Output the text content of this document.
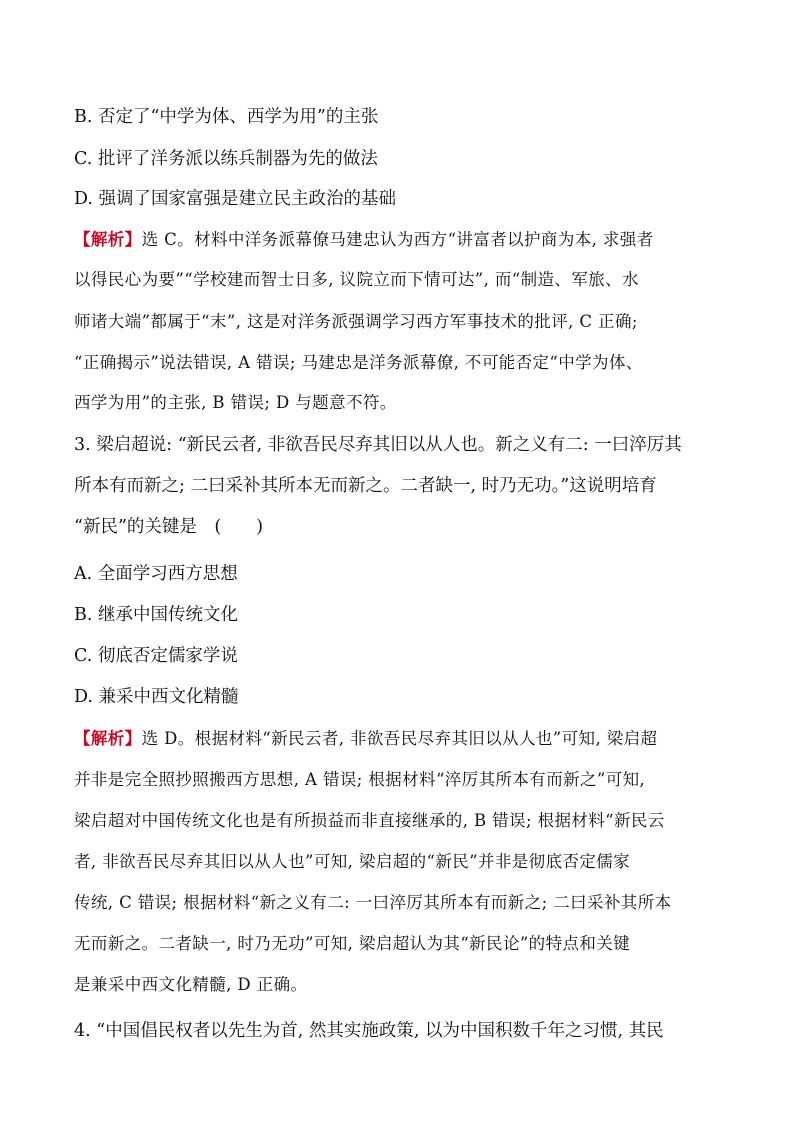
B. 否定了“中学为体、西学为用”的主张
C. 批评了洋务派以练兵制器为先的做法
D. 强调了国家富强是建立民主政治的基础
【解析】选 C。材料中洋务派幕僚马建忠认为西方“讲富者以护商为本, 求强者
以得民心为要”“学校建而智士日多, 议院立而下情可达”, 而“制造、军旅、水
师诸大端”都属于“末”, 这是对洋务派强调学习西方军事技术的批评, C 正确;
“正确揭示”说法错误, A 错误; 马建忠是洋务派幕僚, 不可能否定“中学为体、
西学为用”的主张, B 错误; D 与题意不符。
3. 梁启超说: “新民云者, 非欲吾民尽弃其旧以从人也。新之义有二: 一曰淬厉其
所本有而新之; 二曰采补其所本无而新之。二者缺一, 时乃无功。”这说明培育
“新民”的关键是　(　　)
A. 全面学习西方思想
B. 继承中国传统文化
C. 彻底否定儒家学说
D. 兼采中西文化精髓
【解析】选 D。根据材料“新民云者, 非欲吾民尽弃其旧以从人也”可知, 梁启超
并非是完全照抄照搬西方思想, A 错误; 根据材料“淬厉其所本有而新之”可知,
梁启超对中国传统文化也是有所损益而非直接继承的, B 错误; 根据材料“新民云
者, 非欲吾民尽弃其旧以从人也”可知, 梁启超的“新民”并非是彻底否定儒家
传统, C 错误; 根据材料“新之义有二: 一曰淬厉其所本有而新之; 二曰采补其所本
无而新之。二者缺一, 时乃无功”可知, 梁启超认为其“新民论”的特点和关键
是兼采中西文化精髓, D 正确。
4. “中国倡民权者以先生为首, 然其实施政策, 以为中国积数千年之习惯, 其民
